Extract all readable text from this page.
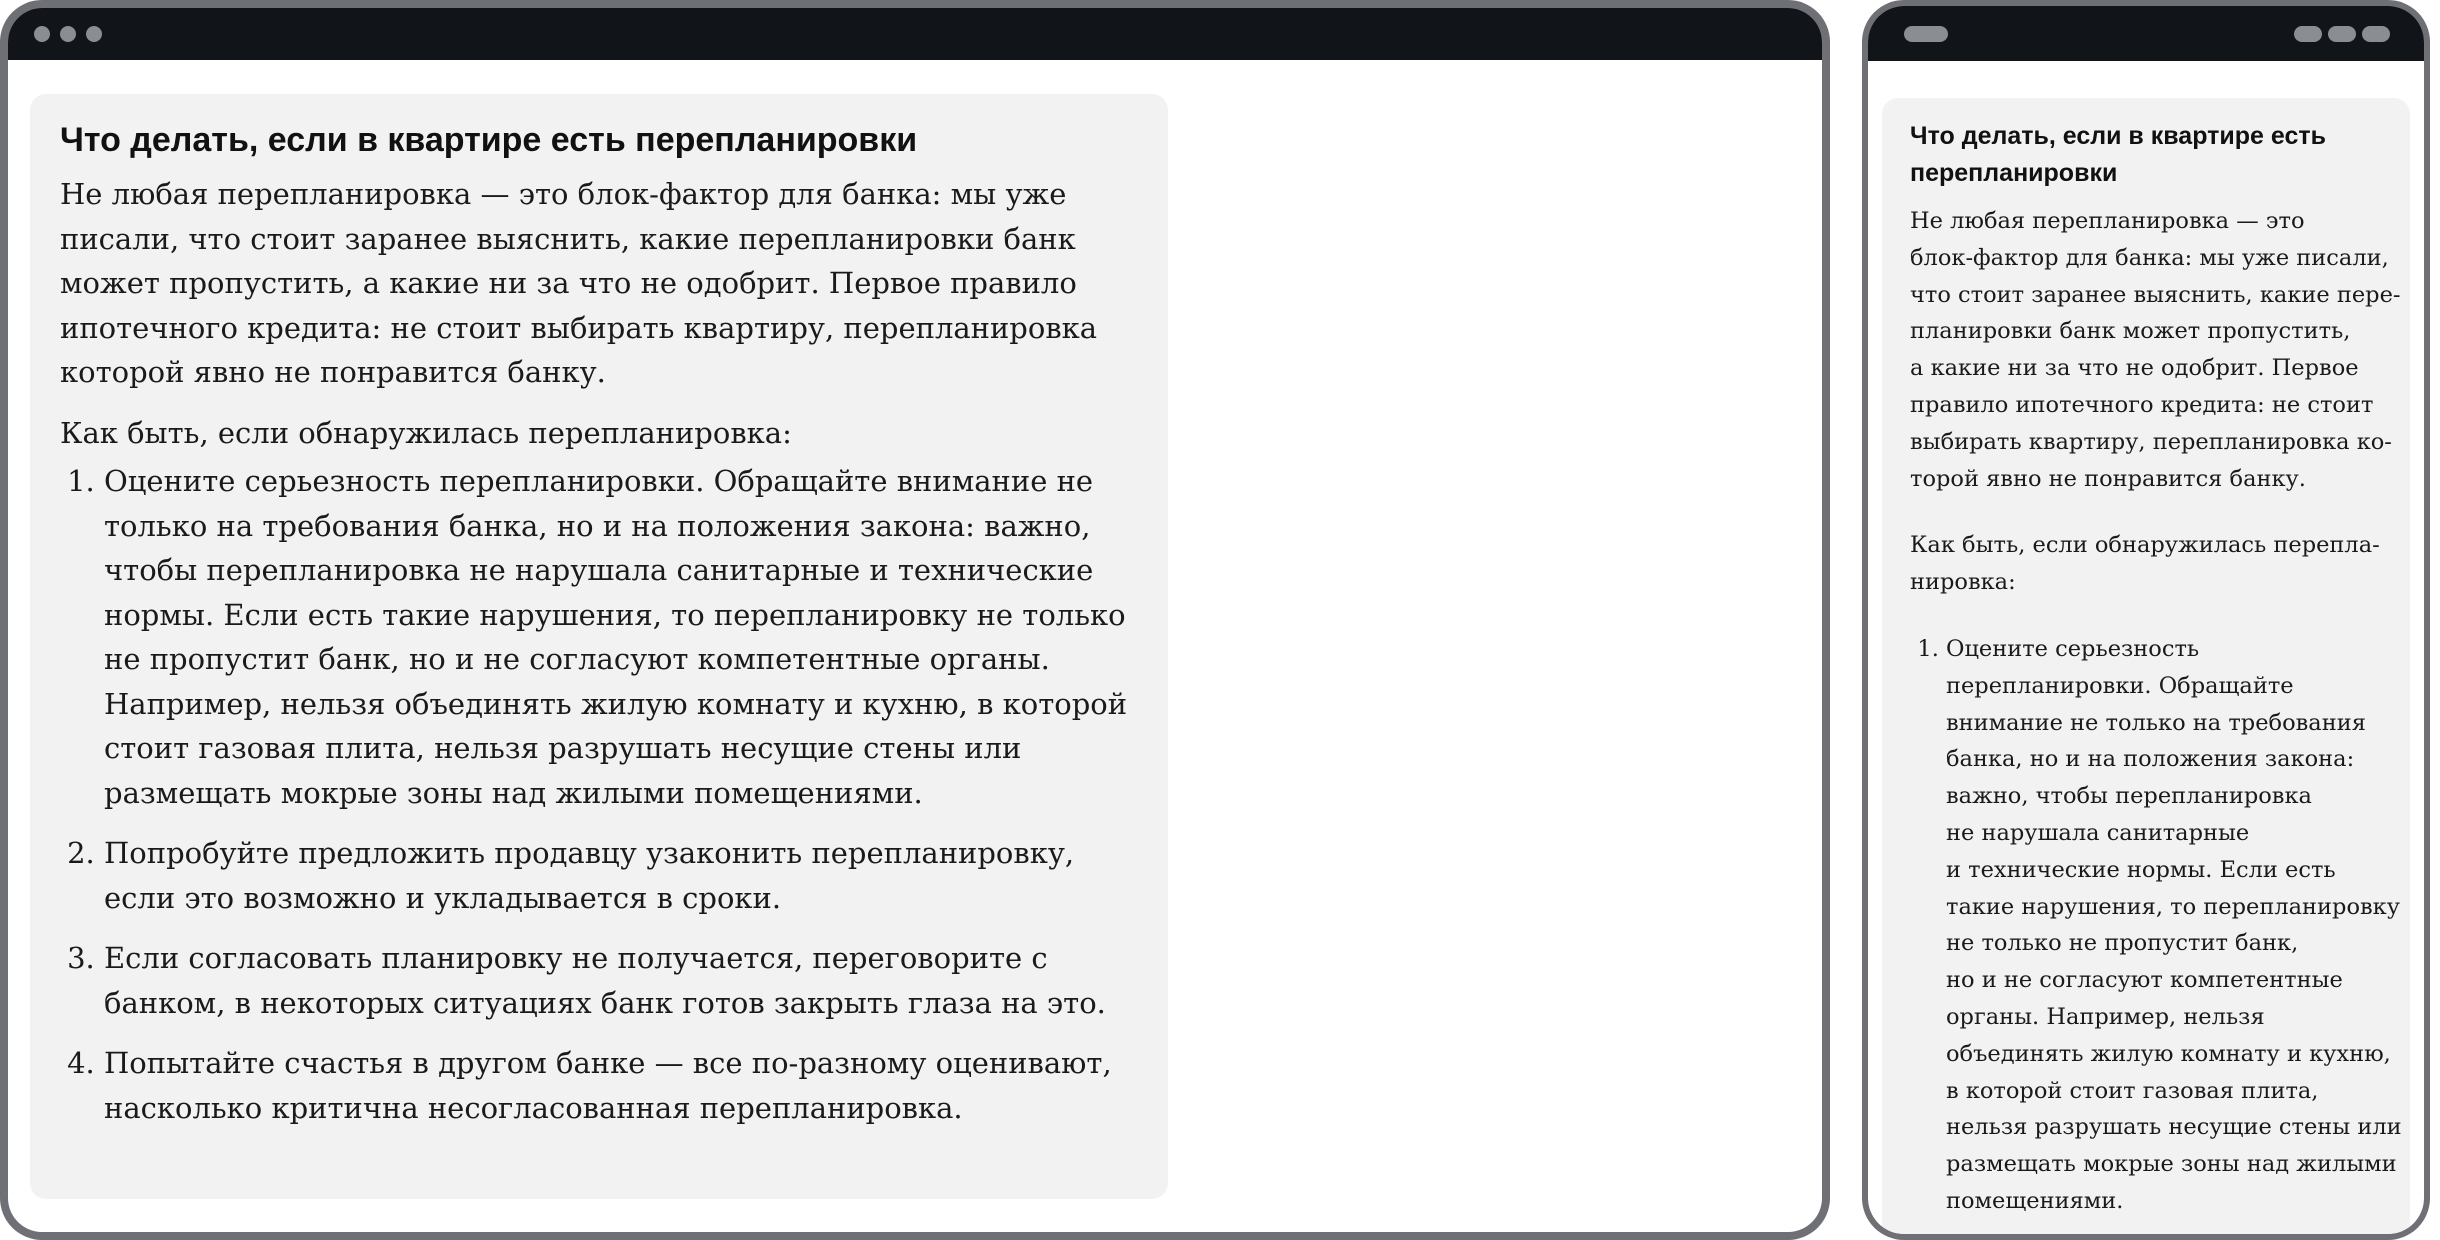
Что делать, если в квартире есть перепланировки

Не любая перепланировка — это блок-фактор для банка: мы уже писали, что стоит заранее выяснить, какие перепланировки банк может пропустить, а какие ни за что не одобрит. Первое правило ипотечного кредита: не стоит выбирать квартиру, перепланировка которой явно не понравится банку.

Как быть, если обнаружилась перепланировка:

1. Оцените серьезность перепланировки. Обращайте внимание не только на требования банка, но и на положения закона: важно, чтобы перепланировка не нарушала санитарные и технические нормы. Если есть такие нарушения, то перепланировку не только не пропустит банк, но и не согласуют компетентные органы. Например, нельзя объединять жилую комнату и кухню, в которой стоит газовая плита, нельзя разрушать несущие стены или размещать мокрые зоны над жилыми помещениями.
2. Попробуйте предложить продавцу узаконить перепланировку, если это возможно и укладывается в сроки.
3. Если согласовать планировку не получается, переговорите с банком, в некоторых ситуациях банк готов закрыть глаза на это.
4. Попытайте счастья в другом банке — все по-разному оценивают, насколько критична несогласованная перепланировка.
Что делать, если в квартире есть
перепланировки

Не любая перепланировка — это
блок-фактор для банка: мы уже писали,
что стоит заранее выяснить, какие пере-
планировки банк может пропустить,
а какие ни за что не одобрит. Первое
правило ипотечного кредита: не стоит
выбирать квартиру, перепланировка ко-
торой явно не понравится банку.

Как быть, если обнаружилась перепла-
нировка:

1. Оцените серьезность
перепланировки. Обращайте
внимание не только на требования
банка, но и на положения закона:
важно, чтобы перепланировка
не нарушала санитарные
и технические нормы. Если есть
такие нарушения, то перепланировку
не только не пропустит банк,
но и не согласуют компетентные
органы. Например, нельзя
объединять жилую комнату и кухню,
в которой стоит газовая плита,
нельзя разрушать несущие стены или
размещать мокрые зоны над жилыми
помещениями.
